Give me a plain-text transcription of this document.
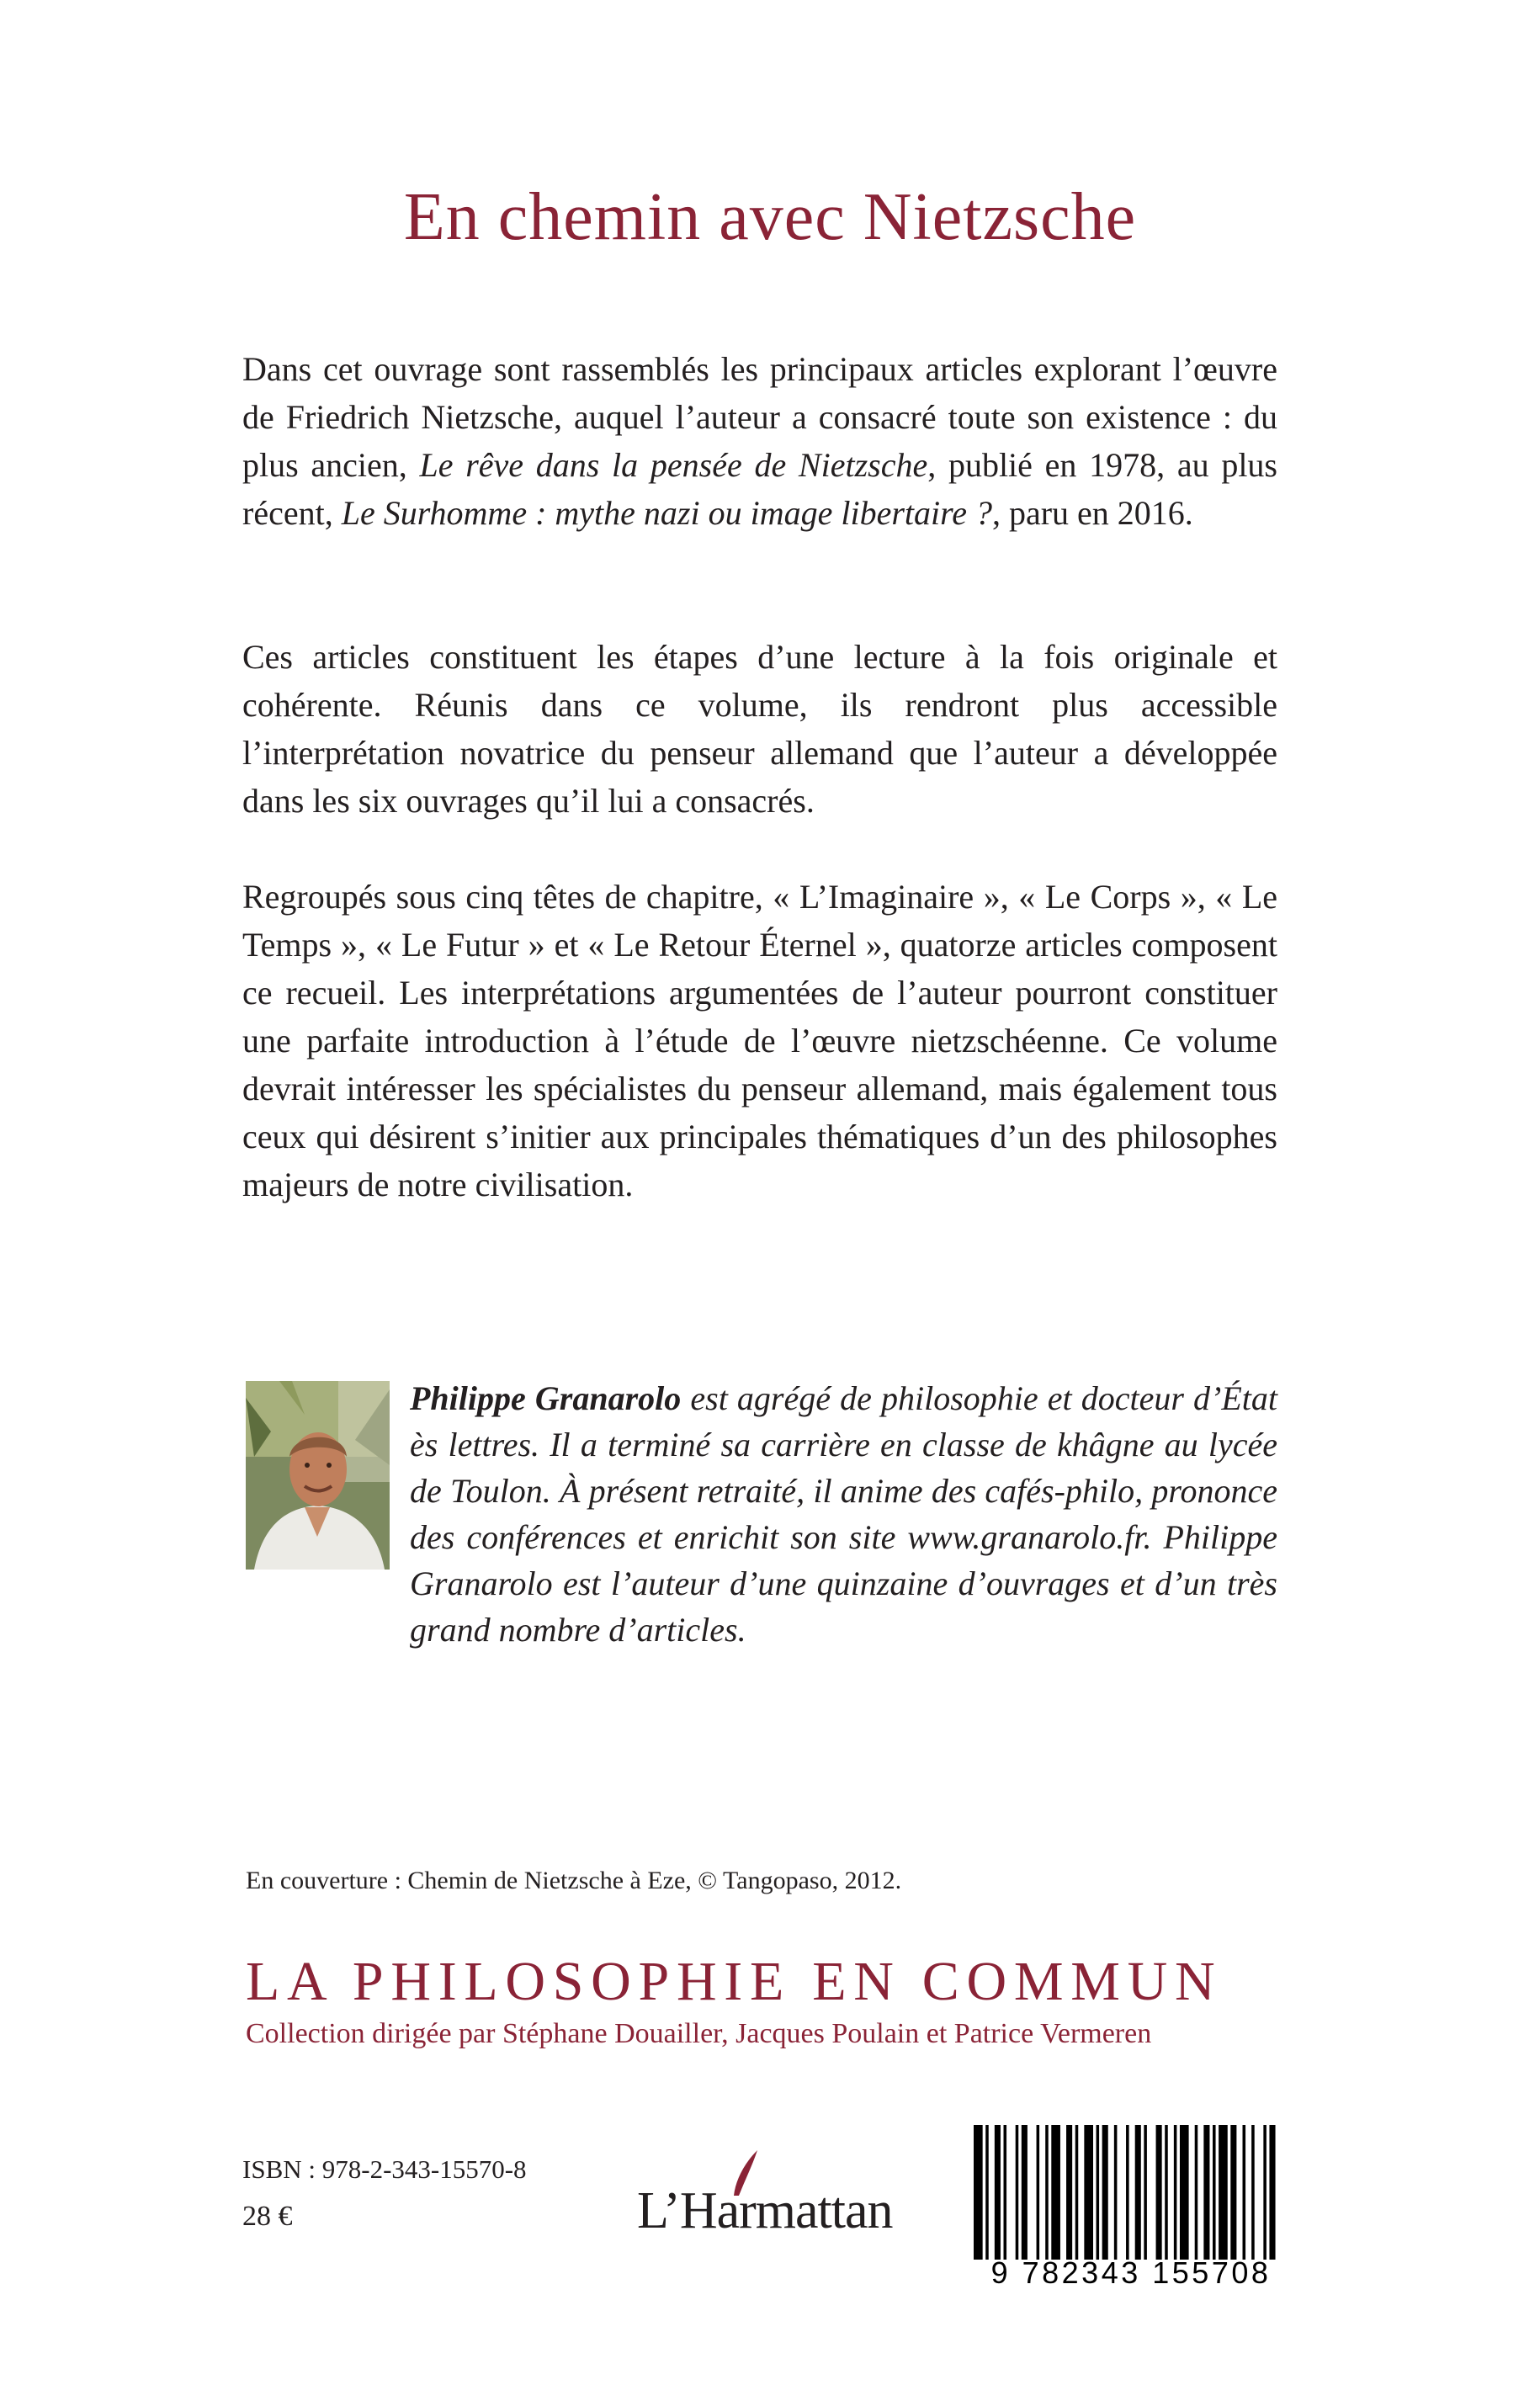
En chemin avec Nietzsche

Dans cet ouvrage sont rassemblés les principaux articles explorant l’œuvre de Friedrich Nietzsche, auquel l’auteur a consacré toute son existence : du plus ancien, Le rêve dans la pensée de Nietzsche, publié en 1978, au plus récent, Le Surhomme : mythe nazi ou image libertaire ?, paru en 2016.

Ces articles constituent les étapes d’une lecture à la fois originale et cohérente. Réunis dans ce volume, ils rendront plus accessible l’interprétation novatrice du penseur allemand que l’auteur a développée dans les six ouvrages qu’il lui a consacrés.

Regroupés sous cinq têtes de chapitre, « L’Imaginaire », « Le Corps », « Le Temps », « Le Futur » et « Le Retour Éternel », quatorze articles composent ce recueil. Les interprétations argumentées de l’auteur pourront constituer une parfaite introduction à l’étude de l’œuvre nietzschéenne. Ce volume devrait intéresser les spécialistes du penseur allemand, mais également tous ceux qui désirent s’initier aux principales thématiques d’un des philosophes majeurs de notre civilisation.

Philippe Granarolo est agrégé de philosophie et docteur d’État ès lettres. Il a terminé sa carrière en classe de khâgne au lycée de Toulon. À présent retraité, il anime des cafés-philo, prononce des conférences et enrichit son site www.granarolo.fr. Philippe Granarolo est l’auteur d’une quinzaine d’ouvrages et d’un très grand nombre d’articles.

En couverture : Chemin de Nietzsche à Eze, © Tangopaso, 2012.
LA PHILOSOPHIE EN COMMUN
Collection dirigée par Stéphane Douailler, Jacques Poulain et Patrice Vermeren
ISBN : 978-2-343-15570-8
28 €	L’Harmattan
9 782343 155708
